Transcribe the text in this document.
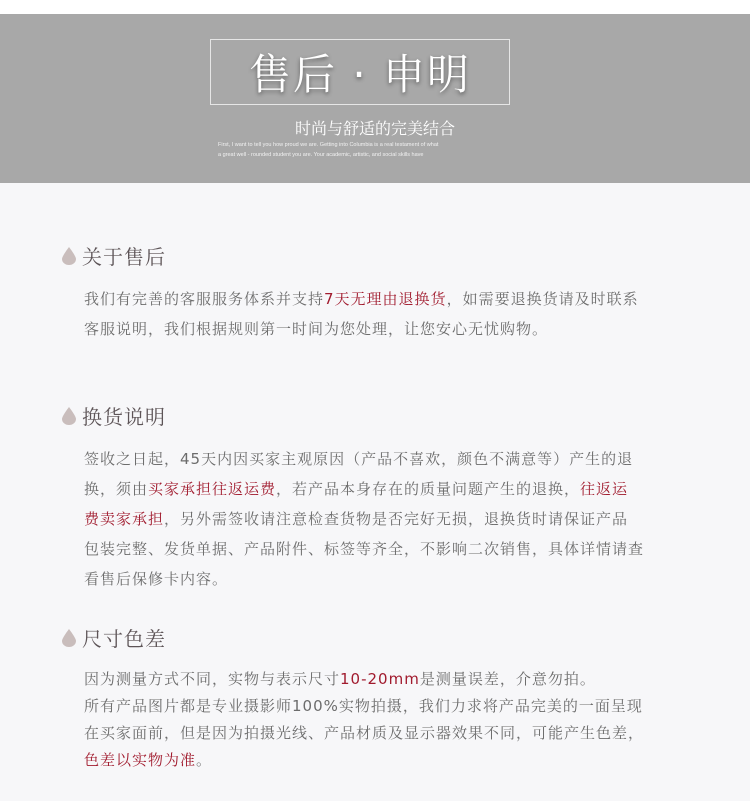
售后 · 申明
时尚与舒适的完美结合
First, I want to tell you how proud we are. Getting into Columbia is a real testament of what
a great well - rounded student you are. Your academic, artistic, and social skills have
关于售后
我们有完善的客服服务体系并支持7天无理由退换货，如需要退换货请及时联系客服说明，我们根据规则第一时间为您处理，让您安心无忧购物。
换货说明
签收之日起，45天内因买家主观原因（产品不喜欢，颜色不满意等）产生的退换，须由买家承担往返运费，若产品本身存在的质量问题产生的退换，往返运费卖家承担，另外需签收请注意检查货物是否完好无损，退换货时请保证产品包装完整、发货单据、产品附件、标签等齐全，不影响二次销售，具体详情请查看售后保修卡内容。
尺寸色差
因为测量方式不同，实物与表示尺寸10-20mm是测量误差，介意勿拍。
所有产品图片都是专业摄影师100%实物拍摄，我们力求将产品完美的一面呈现在买家面前，但是因为拍摄光线、产品材质及显示器效果不同，可能产生色差，色差以实物为准。
